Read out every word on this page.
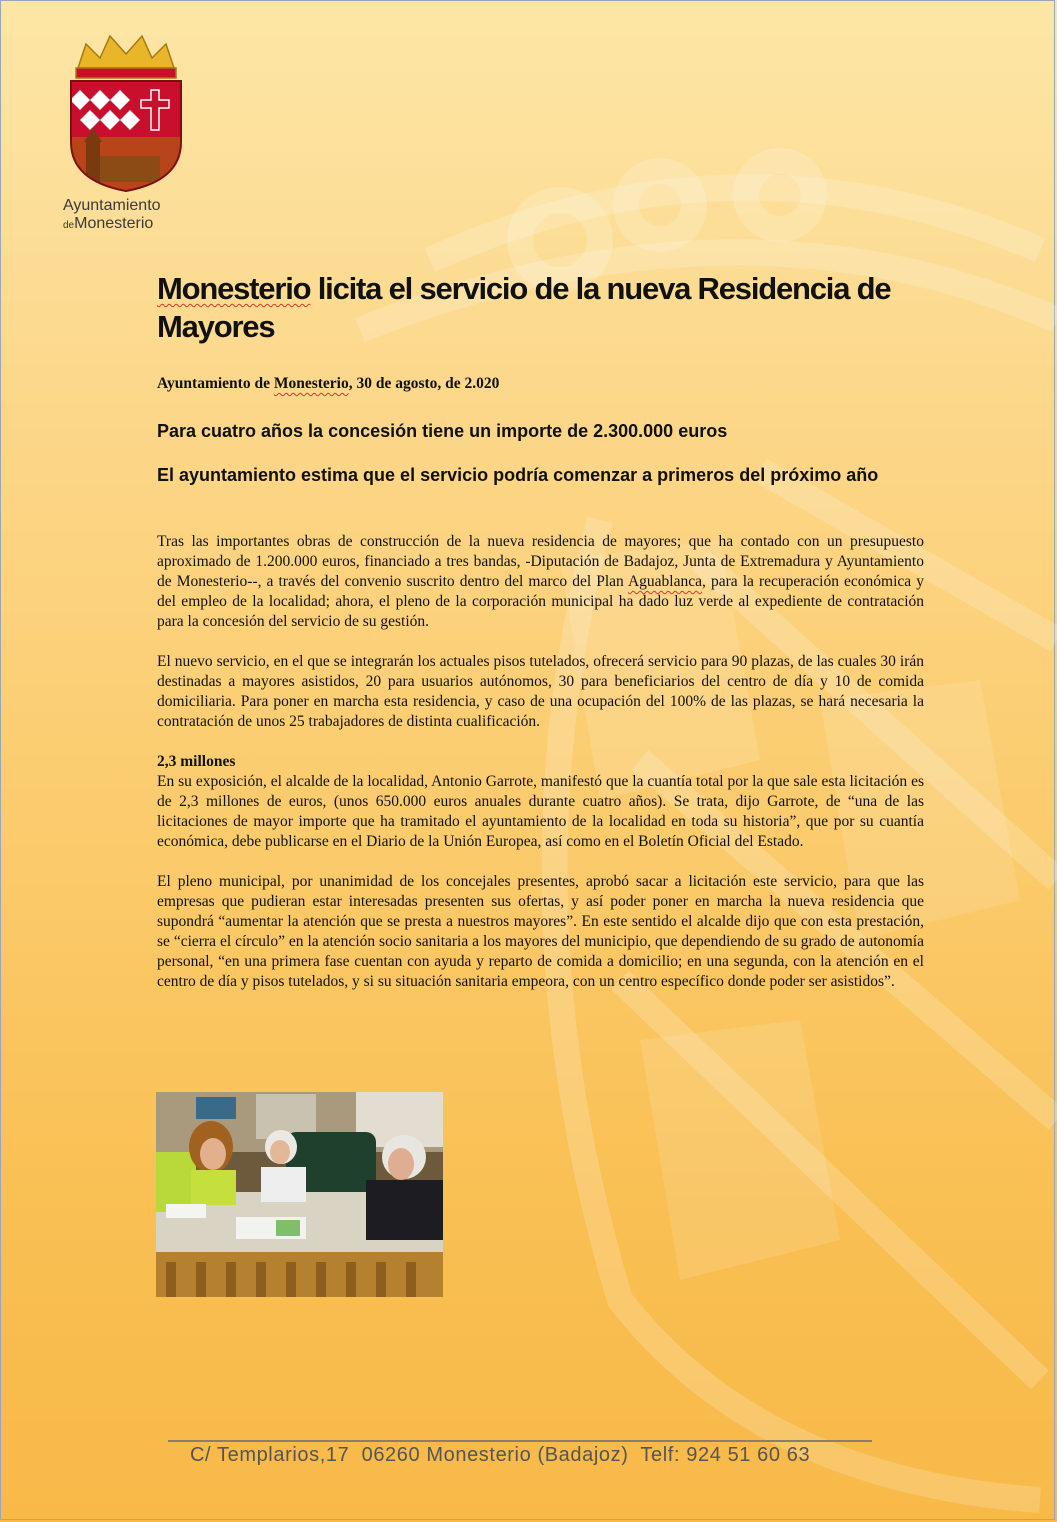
Ayuntamiento
deMonesterio
Monesterio licita el servicio de la nueva Residencia de Mayores

Ayuntamiento de Monesterio, 30 de agosto, de 2.020

Para cuatro años la concesión tiene un importe de 2.300.000 euros

El ayuntamiento estima que el servicio podría comenzar a primeros del próximo año

Tras las importantes obras de construcción de la nueva residencia de mayores; que ha contado con un presupuesto aproximado de 1.200.000 euros, financiado a tres bandas, -Diputación de Badajoz, Junta de Extremadura y Ayuntamiento de Monesterio--, a través del convenio suscrito dentro del marco del Plan Aguablanca, para la recuperación económica y del empleo de la localidad; ahora, el pleno de la corporación municipal ha dado luz verde al expediente de contratación para la concesión del servicio de su gestión.

El nuevo servicio, en el que se integrarán los actuales pisos tutelados, ofrecerá servicio para 90 plazas, de las cuales 30 irán destinadas a mayores asistidos, 20 para usuarios autónomos, 30 para beneficiarios del centro de día y 10 de comida domiciliaria. Para poner en marcha esta residencia, y caso de una ocupación del 100% de las plazas, se hará necesaria la contratación de unos 25 trabajadores de distinta cualificación.

2,3 millones

En su exposición, el alcalde de la localidad, Antonio Garrote, manifestó que la cuantía total por la que sale esta licitación es de 2,3 millones de euros, (unos 650.000 euros anuales durante cuatro años). Se trata, dijo Garrote, de “una de las licitaciones de mayor importe que ha tramitado el ayuntamiento de la localidad en toda su historia”, que por su cuantía económica, debe publicarse en el Diario de la Unión Europea, así como en el Boletín Oficial del Estado.

El pleno municipal, por unanimidad de los concejales presentes, aprobó sacar a licitación este servicio, para que las empresas que pudieran estar interesadas presenten sus ofertas, y así poder poner en marcha la nueva residencia que supondrá “aumentar la atención que se presta a nuestros mayores”. En este sentido el alcalde dijo que con esta prestación, se “cierra el círculo” en la atención socio sanitaria a los mayores del municipio, que dependiendo de su grado de autonomía personal, “en una primera fase cuentan con ayuda y reparto de comida a domicilio; en una segunda, con la atención en el centro de día y pisos tutelados, y si su situación sanitaria empeora, con un centro específico donde poder ser asistidos”.

C/ Templarios,17  06260 Monesterio (Badajoz)  Telf: 924 51 60 63
